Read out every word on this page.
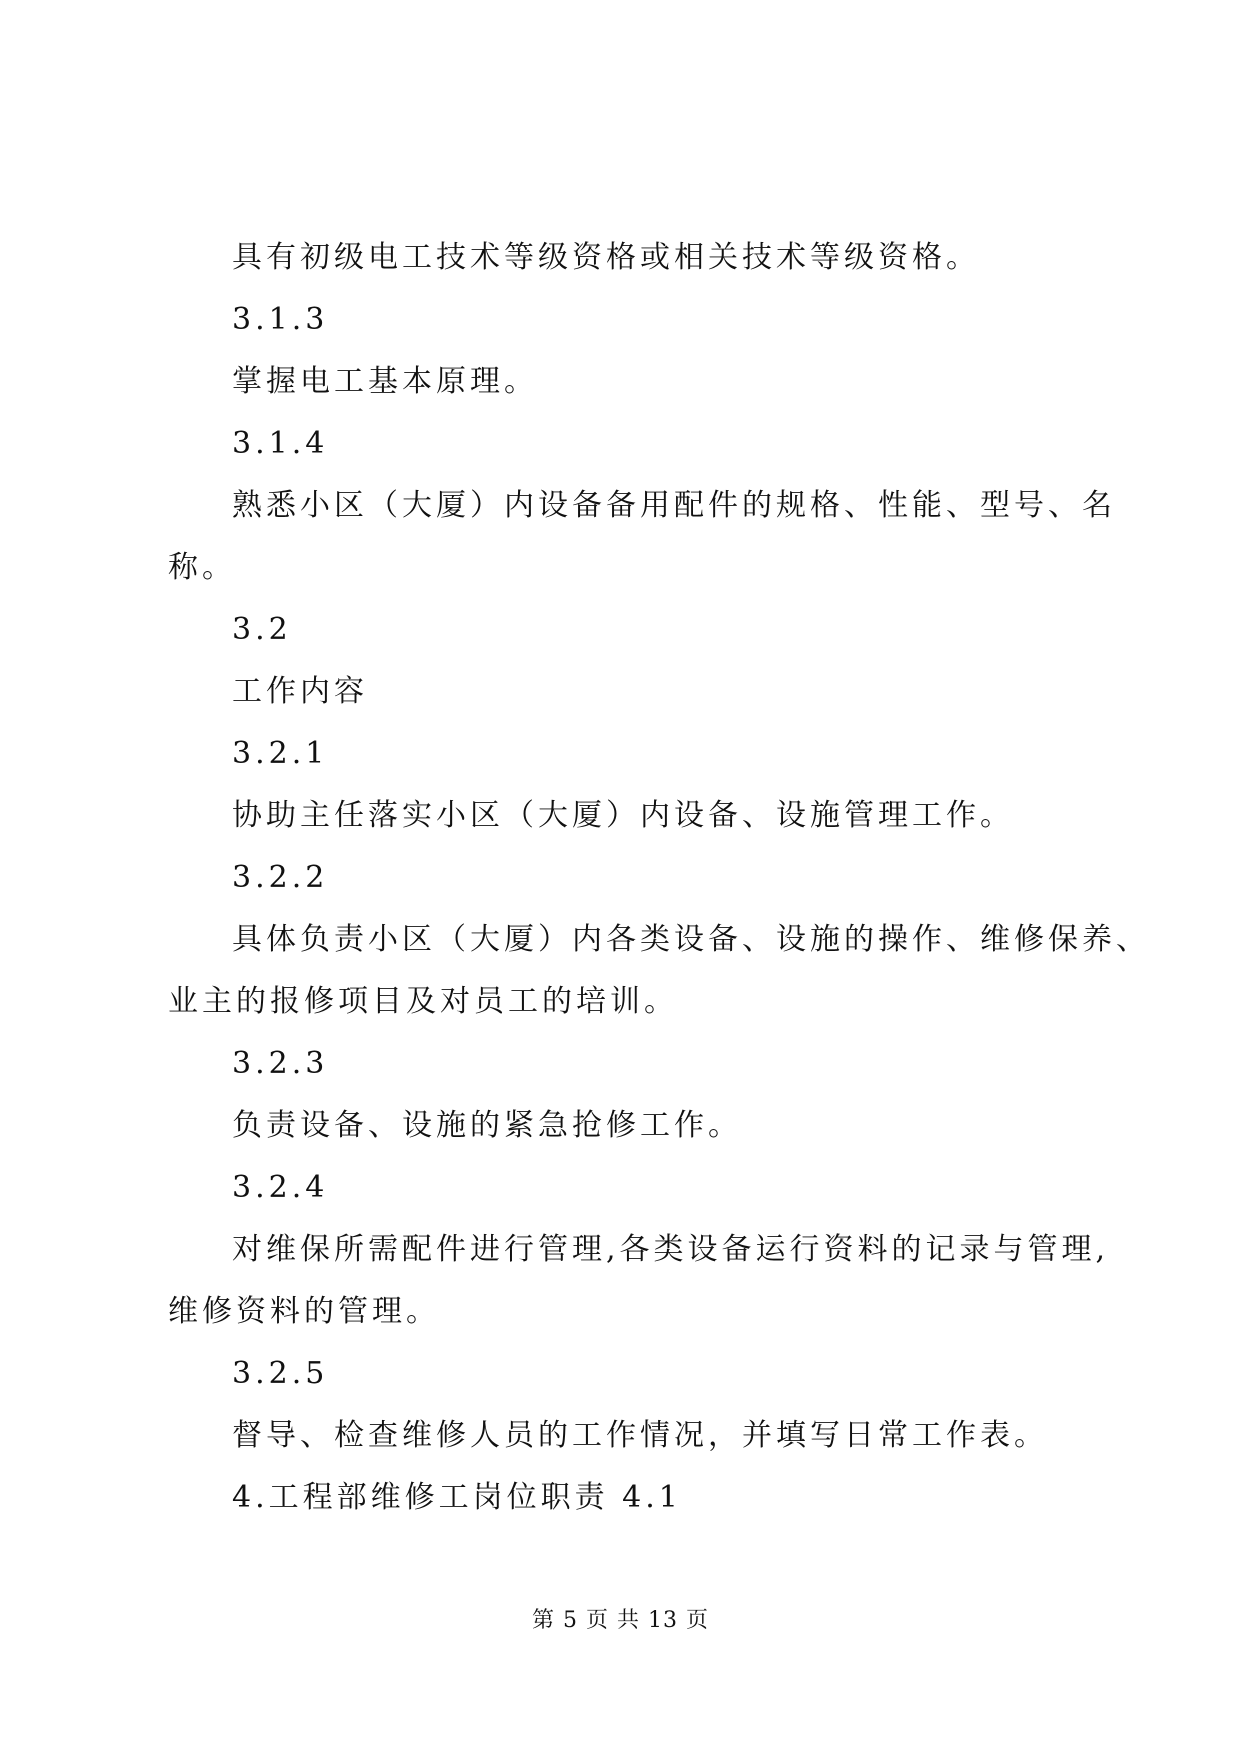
具有初级电工技术等级资格或相关技术等级资格。
3.1.3
掌握电工基本原理。
3.1.4
熟悉小区（大厦）内设备备用配件的规格、性能、型号、名
称。
3.2
工作内容
3.2.1
协助主任落实小区（大厦）内设备、设施管理工作。
3.2.2
具体负责小区（大厦）内各类设备、设施的操作、维修保养、
业主的报修项目及对员工的培训。
3.2.3
负责设备、设施的紧急抢修工作。
3.2.4
对维保所需配件进行管理,各类设备运行资料的记录与管理,
维修资料的管理。
3.2.5
督导、检查维修人员的工作情况，并填写日常工作表。
4.工程部维修工岗位职责 4.1
第 5 页 共 13 页
